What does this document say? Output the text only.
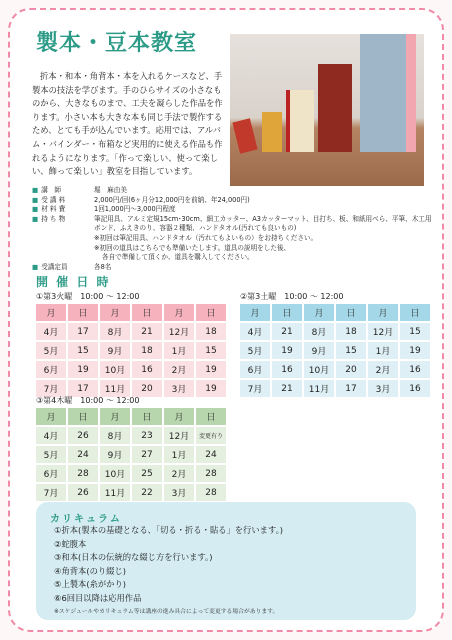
製本・豆本教室

折本・和本・角背本・本を入れるケースなど、手製本の技法を学びます。手のひらサイズの小さなものから、大きなものまで、工夫を凝らした作品を作ります。小さい本も大きな本も同じ手法で製作するため、とても手が込んでいます。応用では、アルバム・バインダー・布箱など実用的に使える作品も作れるようになります。「作って楽しい、使って楽しい、飾って楽しい」教室を目指しています。

■ 講　師	堀　麻由美
■ 受 講 料	2,000円/回(6ヶ月分12,000円を前納、年24,000円)
■ 材 料 費	1回1,000円～3,000円程度
■ 持 ち 物	筆記用具、アルミ定規15cm･30cm、細工カッター、A3カッターマット、目打ち、板、和紙用べら、平筆、木工用ボンド、ふえきのり、容器２種類、ハンドタオル(汚れても良いもの)
※初回は筆記用具、ハンドタオル（汚れてもよいもの）をお持ちください。
※初回の道具はこちらでも準備いたします。道具の説明をした後、
各自で準備して頂くか、道具を購入してください。
■ 受講定員	各8名
開 催 日 時
①第3火曜　10:00 ～ 12:00
月	日	月	日	月	日
4月	17	8月	21	12月	18
5月	15	9月	18	1月	15
6月	19	10月	16	2月	19
7月	17	11月	20	3月	19
②第3土曜　10:00 ～ 12:00
月	日	月	日	月	日
4月	21	8月	18	12月	15
5月	19	9月	15	1月	19
6月	16	10月	20	2月	16
7月	21	11月	17	3月	16
③第4木曜　10:00 ～ 12:00
月	日	月	日	月	日
4月	26	8月	23	12月	変更有り
5月	24	9月	27	1月	24
6月	28	10月	25	2月	28
7月	26	11月	22	3月	28
カリキュラム
①折本(製本の基礎となる、「切る・折る・貼る」を行います。)
②蛇腹本
③和本(日本の伝統的な綴じ方を行います。)
④角背本(のり綴じ)
⑤上製本(糸がかり)
⑥6回目以降は応用作品
※スケジュールやカリキュラム等は講座の進み具合によって変更する場合があります。
